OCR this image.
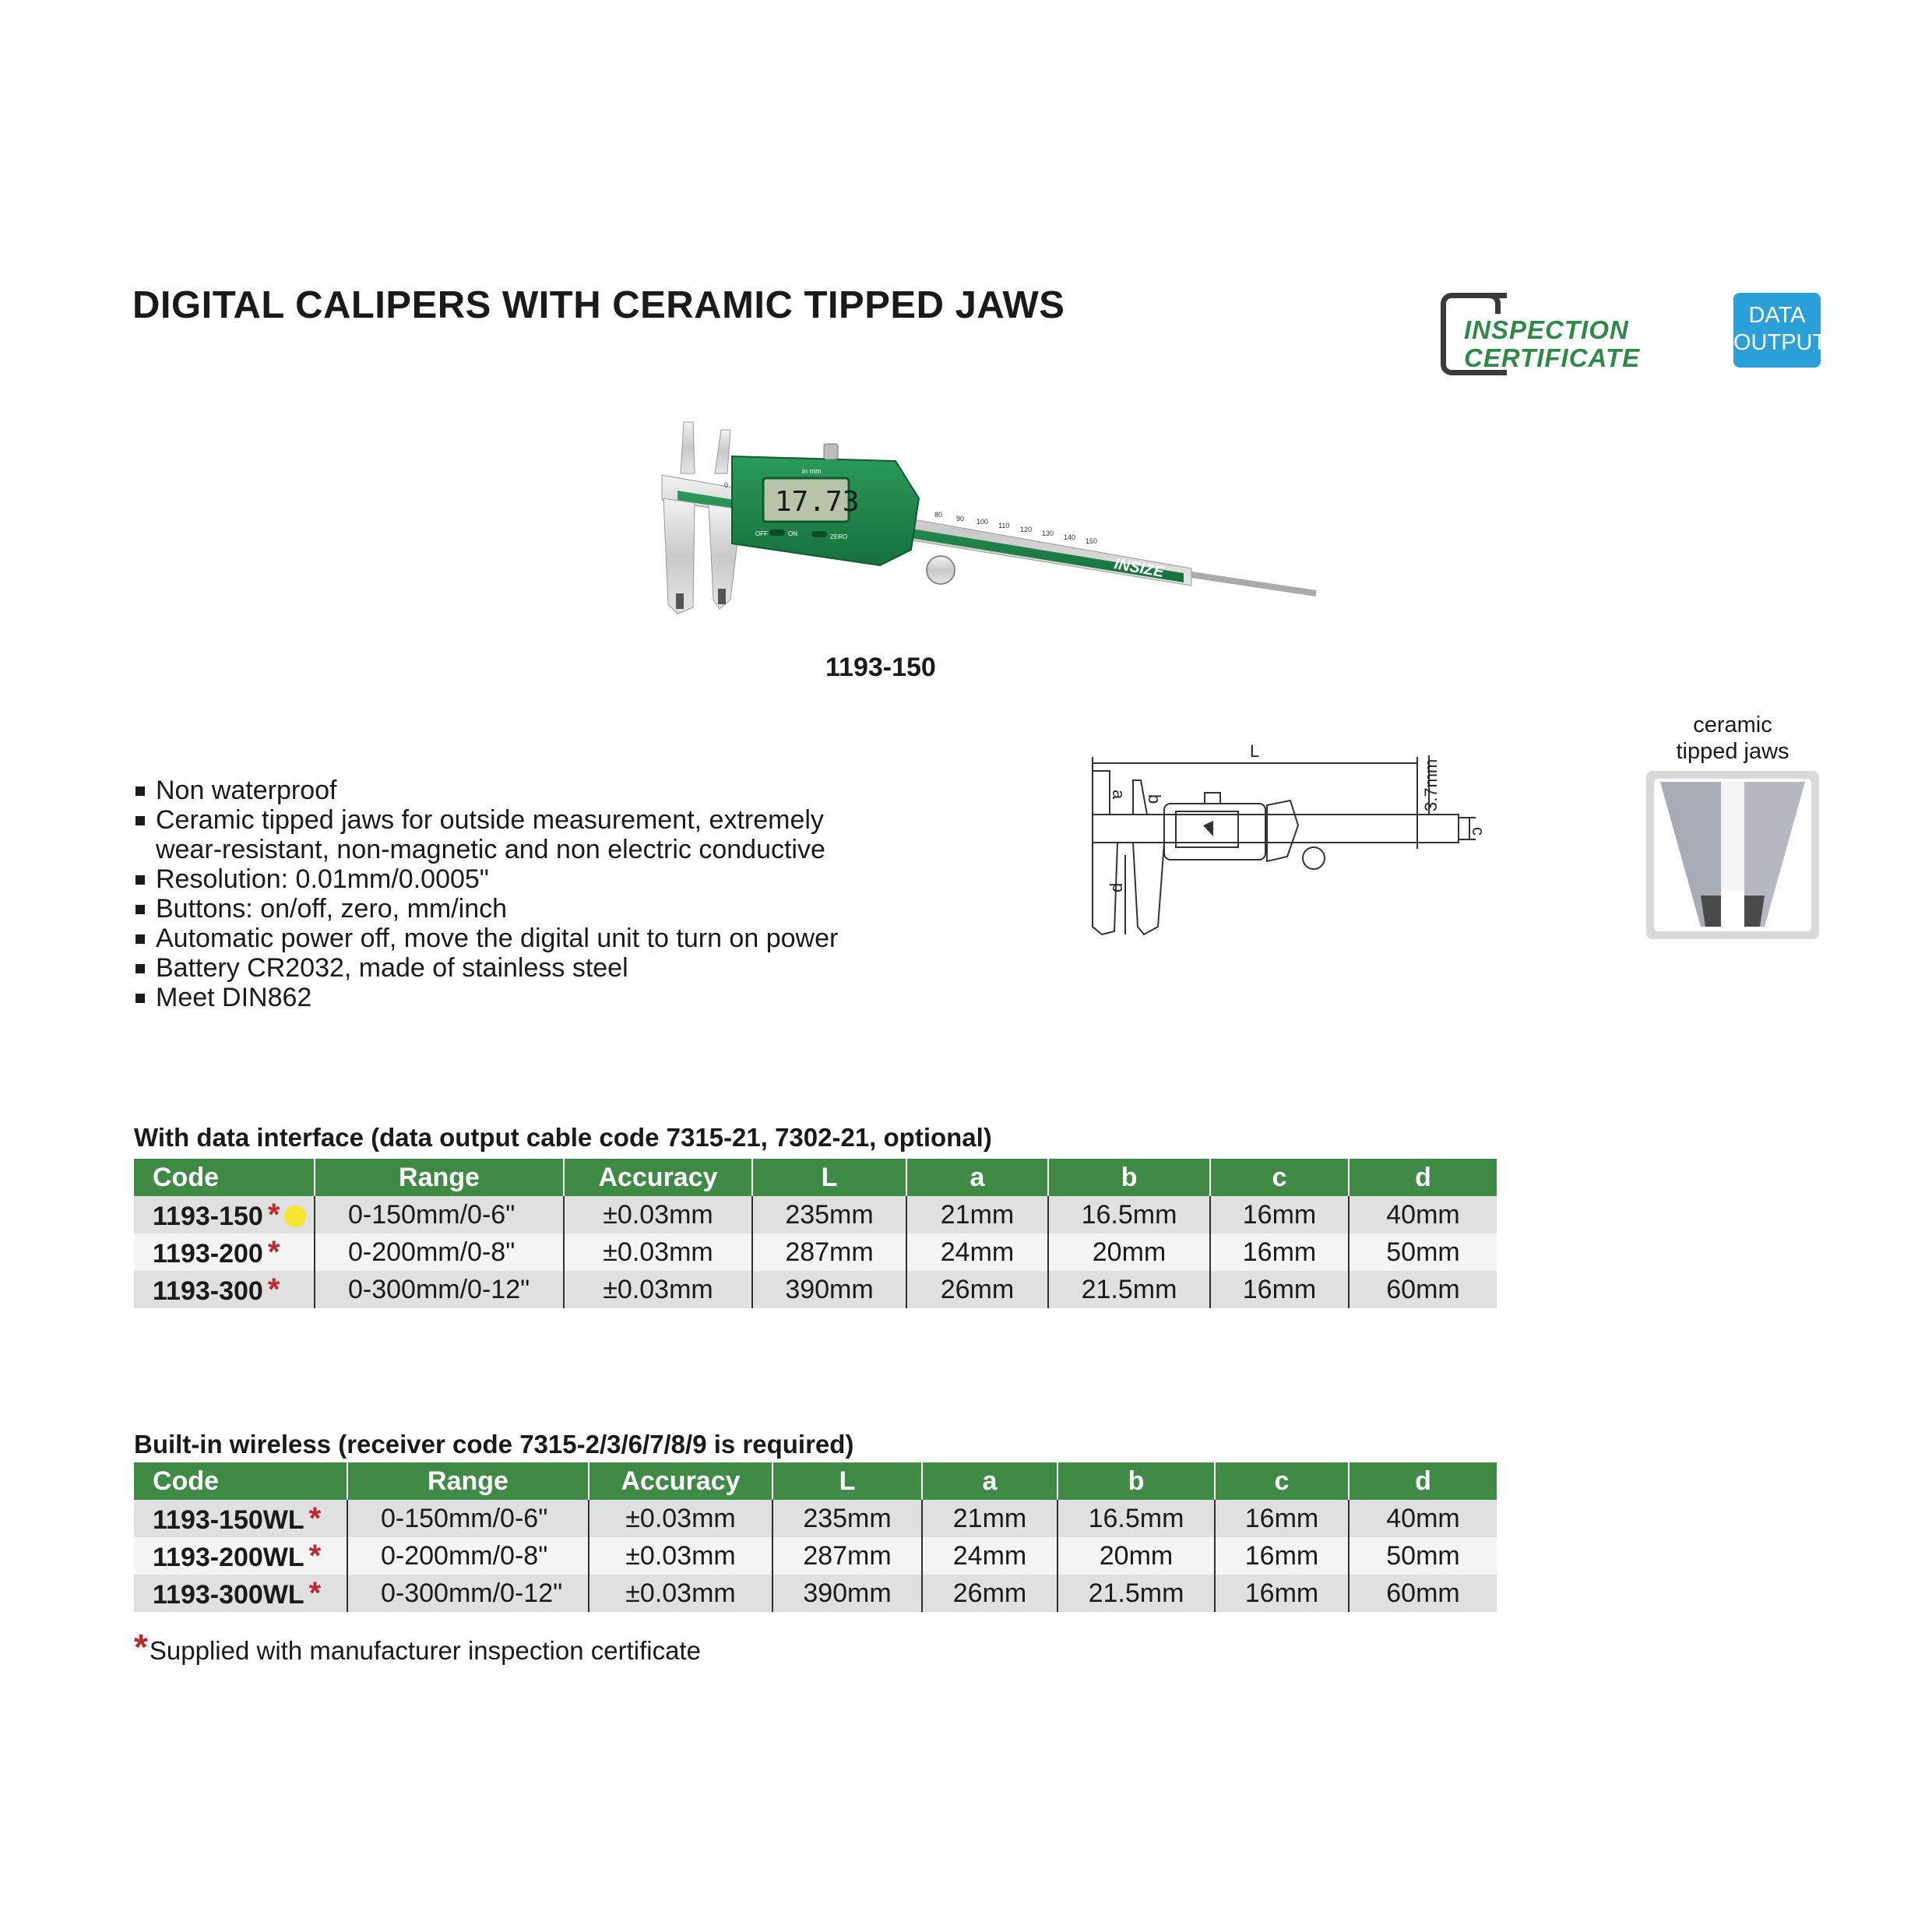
DIGITAL CALIPERS WITH CERAMIC TIPPED JAWS
INSPECTION
CERTIFICATE
DATA
OUTPUT
0
80 90 100 110 120 130 140 150
INSIZE
17.73
in mm
OFF	ON	ZERO
1193-150
Non waterproof
Ceramic tipped jaws for outside measurement, extremely wear-resistant, non-magnetic and non electric conductive
Resolution: 0.01mm/0.0005"
Buttons: on/off, zero, mm/inch
Automatic power off, move the digital unit to turn on power
Battery CR2032, made of stainless steel
Meet DIN862
L
a b
c
d
3.7mm
ceramic
tipped jaws
With data interface (data output cable code 7315-21, 7302-21, optional)
Code	Range	Accuracy	L	a	b	c	d
1193-150 *	0-150mm/0-6"	±0.03mm	235mm	21mm	16.5mm	16mm	40mm
1193-200 *	0-200mm/0-8"	±0.03mm	287mm	24mm	20mm	16mm	50mm
1193-300 *	0-300mm/0-12"	±0.03mm	390mm	26mm	21.5mm	16mm	60mm
Built-in wireless (receiver code 7315-2/3/6/7/8/9 is required)
Code	Range	Accuracy	L	a	b	c	d
1193-150WL *	0-150mm/0-6"	±0.03mm	235mm	21mm	16.5mm	16mm	40mm
1193-200WL *	0-200mm/0-8"	±0.03mm	287mm	24mm	20mm	16mm	50mm
1193-300WL *	0-300mm/0-12"	±0.03mm	390mm	26mm	21.5mm	16mm	60mm
*Supplied with manufacturer inspection certificate
